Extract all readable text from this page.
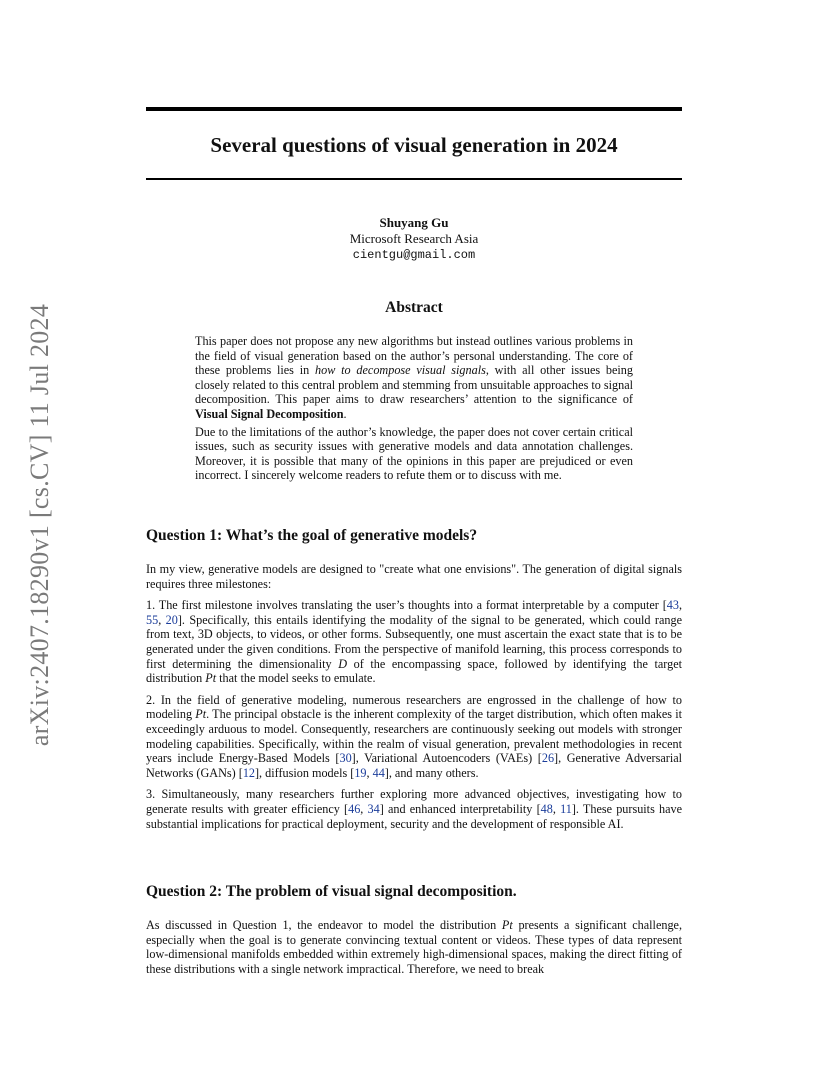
arXiv:2407.18290v1 [cs.CV] 11 Jul 2024
Several questions of visual generation in 2024
Shuyang Gu
Microsoft Research Asia
cientgu@gmail.com
Abstract

This paper does not propose any new algorithms but instead outlines various problems in the field of visual generation based on the author’s personal understanding. The core of these problems lies in how to decompose visual signals, with all other issues being closely related to this central problem and stemming from unsuitable approaches to signal decomposition. This paper aims to draw researchers’ attention to the significance of Visual Signal Decomposition.

Due to the limitations of the author’s knowledge, the paper does not cover certain critical issues, such as security issues with generative models and data annotation challenges. Moreover, it is possible that many of the opinions in this paper are prejudiced or even incorrect. I sincerely welcome readers to refute them or to discuss with me.

Question 1: What’s the goal of generative models?

In my view, generative models are designed to "create what one envisions". The generation of digital signals requires three milestones:

1. The first milestone involves translating the user’s thoughts into a format interpretable by a computer [43, 55, 20]. Specifically, this entails identifying the modality of the signal to be generated, which could range from text, 3D objects, to videos, or other forms. Subsequently, one must ascertain the exact state that is to be generated under the given conditions. From the perspective of manifold learning, this process corresponds to first determining the dimensionality D of the encompassing space, followed by identifying the target distribution Pt that the model seeks to emulate.

2. In the field of generative modeling, numerous researchers are engrossed in the challenge of how to modeling Pt. The principal obstacle is the inherent complexity of the target distribution, which often makes it exceedingly arduous to model. Consequently, researchers are continuously seeking out models with stronger modeling capabilities. Specifically, within the realm of visual generation, prevalent methodologies in recent years include Energy-Based Models [30], Variational Autoencoders (VAEs) [26], Generative Adversarial Networks (GANs) [12], diffusion models [19, 44], and many others.

3. Simultaneously, many researchers further exploring more advanced objectives, investigating how to generate results with greater efficiency [46, 34] and enhanced interpretability [48, 11]. These pursuits have substantial implications for practical deployment, security and the development of responsible AI.

Question 2: The problem of visual signal decomposition.

As discussed in Question 1, the endeavor to model the distribution Pt presents a significant challenge, especially when the goal is to generate convincing textual content or videos. These types of data represent low-dimensional manifolds embedded within extremely high-dimensional spaces, making the direct fitting of these distributions with a single network impractical. Therefore, we need to break
